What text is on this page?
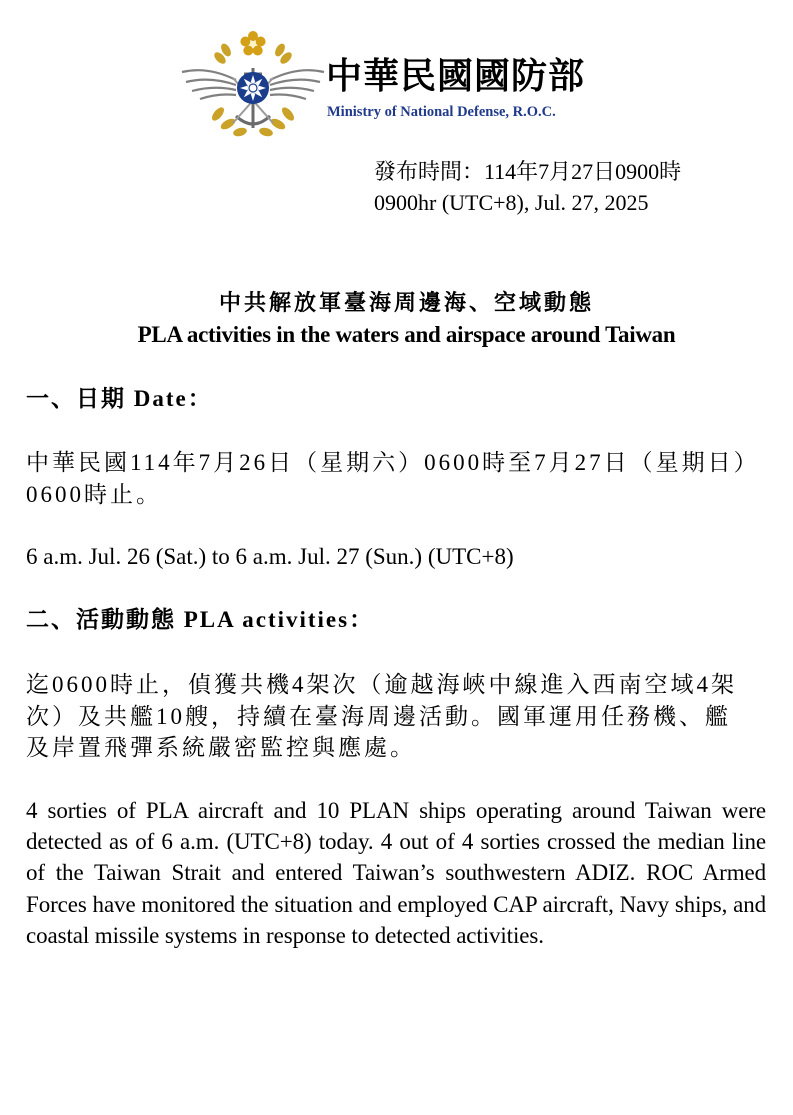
中華民國國防部
Ministry of National Defense, R.O.C.
發布時間：114年7月27日0900時
0900hr (UTC+8), Jul. 27, 2025
中共解放軍臺海周邊海、空域動態
PLA activities in the waters and airspace around Taiwan
一、日期 Date：
中華民國114年7月26日（星期六）0600時至7月27日（星期日）0600時止。
6 a.m. Jul. 26 (Sat.) to 6 a.m. Jul. 27 (Sun.) (UTC+8)
二、活動動態 PLA activities：
迄0600時止，偵獲共機4架次（逾越海峽中線進入西南空域4架次）及共艦10艘，持續在臺海周邊活動。國軍運用任務機、艦及岸置飛彈系統嚴密監控與應處。
4 sorties of PLA aircraft and 10 PLAN ships operating around Taiwan were detected as of 6 a.m. (UTC+8) today. 4 out of 4 sorties crossed the median line of the Taiwan Strait and entered Taiwan’s southwestern ADIZ. ROC Armed Forces have monitored the situation and employed CAP aircraft, Navy ships, and coastal missile systems in response to detected activities.
